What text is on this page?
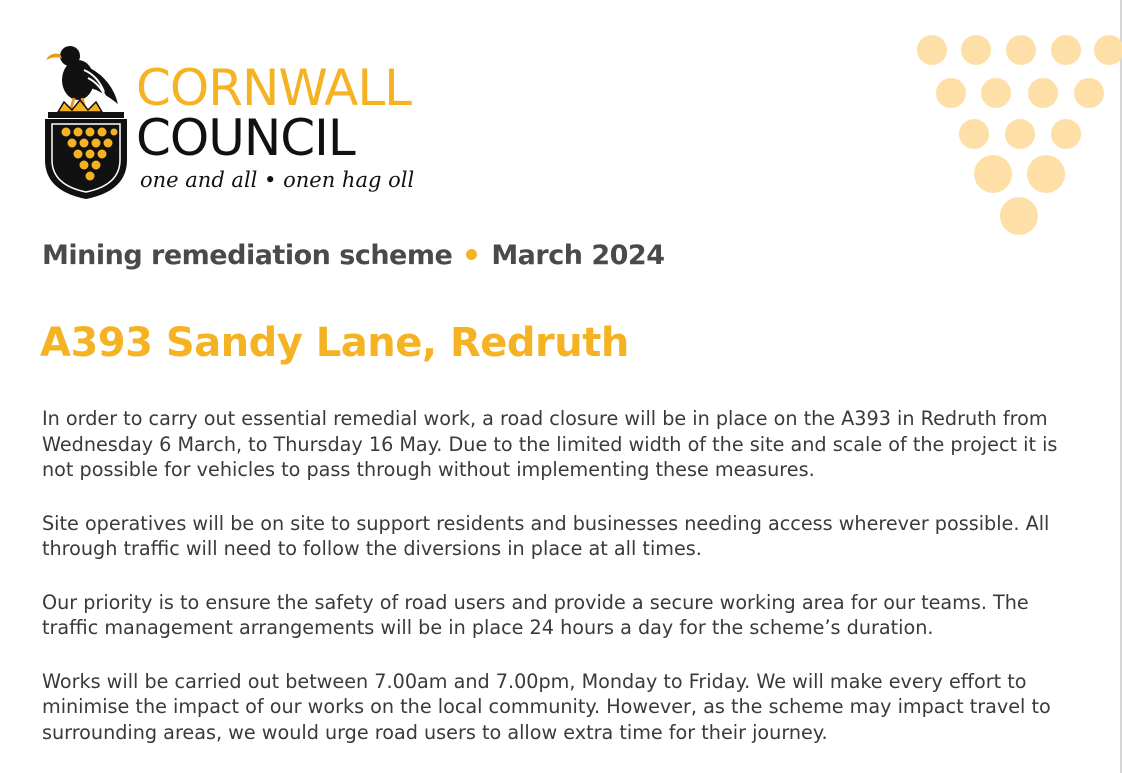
CORNWALL
COUNCIL
one and all • onen hag oll
Mining remediation scheme March 2024
A393 Sandy Lane, Redruth

In order to carry out essential remedial work, a road closure will be in place on the A393 in Redruth from Wednesday 6 March, to Thursday 16 May. Due to the limited width of the site and scale of the project it is not possible for vehicles to pass through without implementing these measures.

Site operatives will be on site to support residents and businesses needing access wherever possible. All through traffic will need to follow the diversions in place at all times.

Our priority is to ensure the safety of road users and provide a secure working area for our teams. The traffic management arrangements will be in place 24 hours a day for the scheme’s duration.

Works will be carried out between 7.00am and 7.00pm, Monday to Friday. We will make every effort to minimise the impact of our works on the local community. However, as the scheme may impact travel to surrounding areas, we would urge road users to allow extra time for their journey.
